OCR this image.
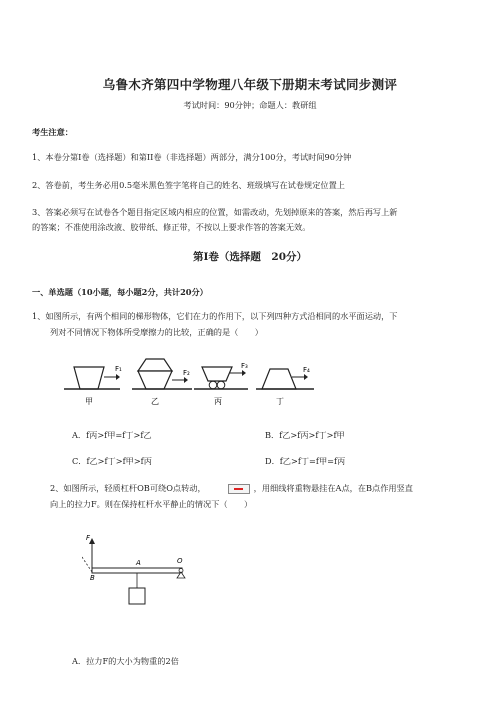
乌鲁木齐第四中学物理八年级下册期末考试同步测评
考试时间：90分钟；命题人：教研组
考生注意：
1、本卷分第I卷（选择题）和第II卷（非选择题）两部分，满分100分，考试时间90分钟
2、答卷前，考生务必用0.5毫米黑色签字笔将自己的姓名、班级填写在试卷规定位置上
3、答案必须写在试卷各个题目指定区域内相应的位置，如需改动，先划掉原来的答案，然后再写上新
的答案；不准使用涂改液、胶带纸、修正带，不按以上要求作答的答案无效。
第I卷（选择题　20分）
一、单选题（10小题，每小题2分，共计20分）
1、如图所示，有两个相同的梯形物体，它们在力的作用下，以下列四种方式沿相同的水平面运动，下
列对不同情况下物体所受摩擦力的比较，正确的是（　　）
F₁
甲
F₂
乙
F₃
丙
F₄
丁
A．f丙>f甲=f丁>f乙	B．f乙>f丙>f丁>f甲
C．f乙>f丁>f甲>f丙	D．f乙>f丁=f甲=f丙
2、如图所示，轻质杠杆OB可绕O点转动，	，用细线将重物悬挂在A点，在B点作用竖直
向上的拉力F。则在保持杠杆水平静止的情况下（　　）
F
B
A	O
A．拉力F的大小为物重的2倍
